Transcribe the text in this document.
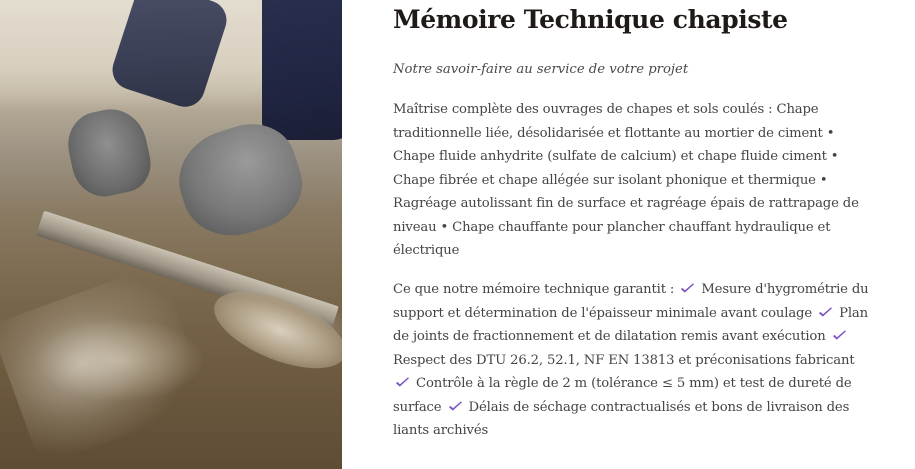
Mémoire Technique chapiste

Notre savoir-faire au service de votre projet

Maîtrise complète des ouvrages de chapes et sols coulés : Chape traditionnelle liée, désolidarisée et flottante au mortier de ciment • Chape fluide anhydrite (sulfate de calcium) et chape fluide ciment • Chape fibrée et chape allégée sur isolant phonique et thermique • Ragréage autolissant fin de surface et ragréage épais de rattrapage de niveau • Chape chauffante pour plancher chauffant hydraulique et électrique

Ce que notre mémoire technique garantit : Mesure d'hygrométrie du support et détermination de l'épaisseur minimale avant coulage Plan de joints de fractionnement et de dilatation remis avant exécution  Respect des DTU 26.2, 52.1, NF EN 13813 et préconisations fabricant  Contrôle à la règle de 2 m (tolérance ≤ 5 mm) et test de dureté de surface Délais de séchage contractualisés et bons de livraison des liants archivés
